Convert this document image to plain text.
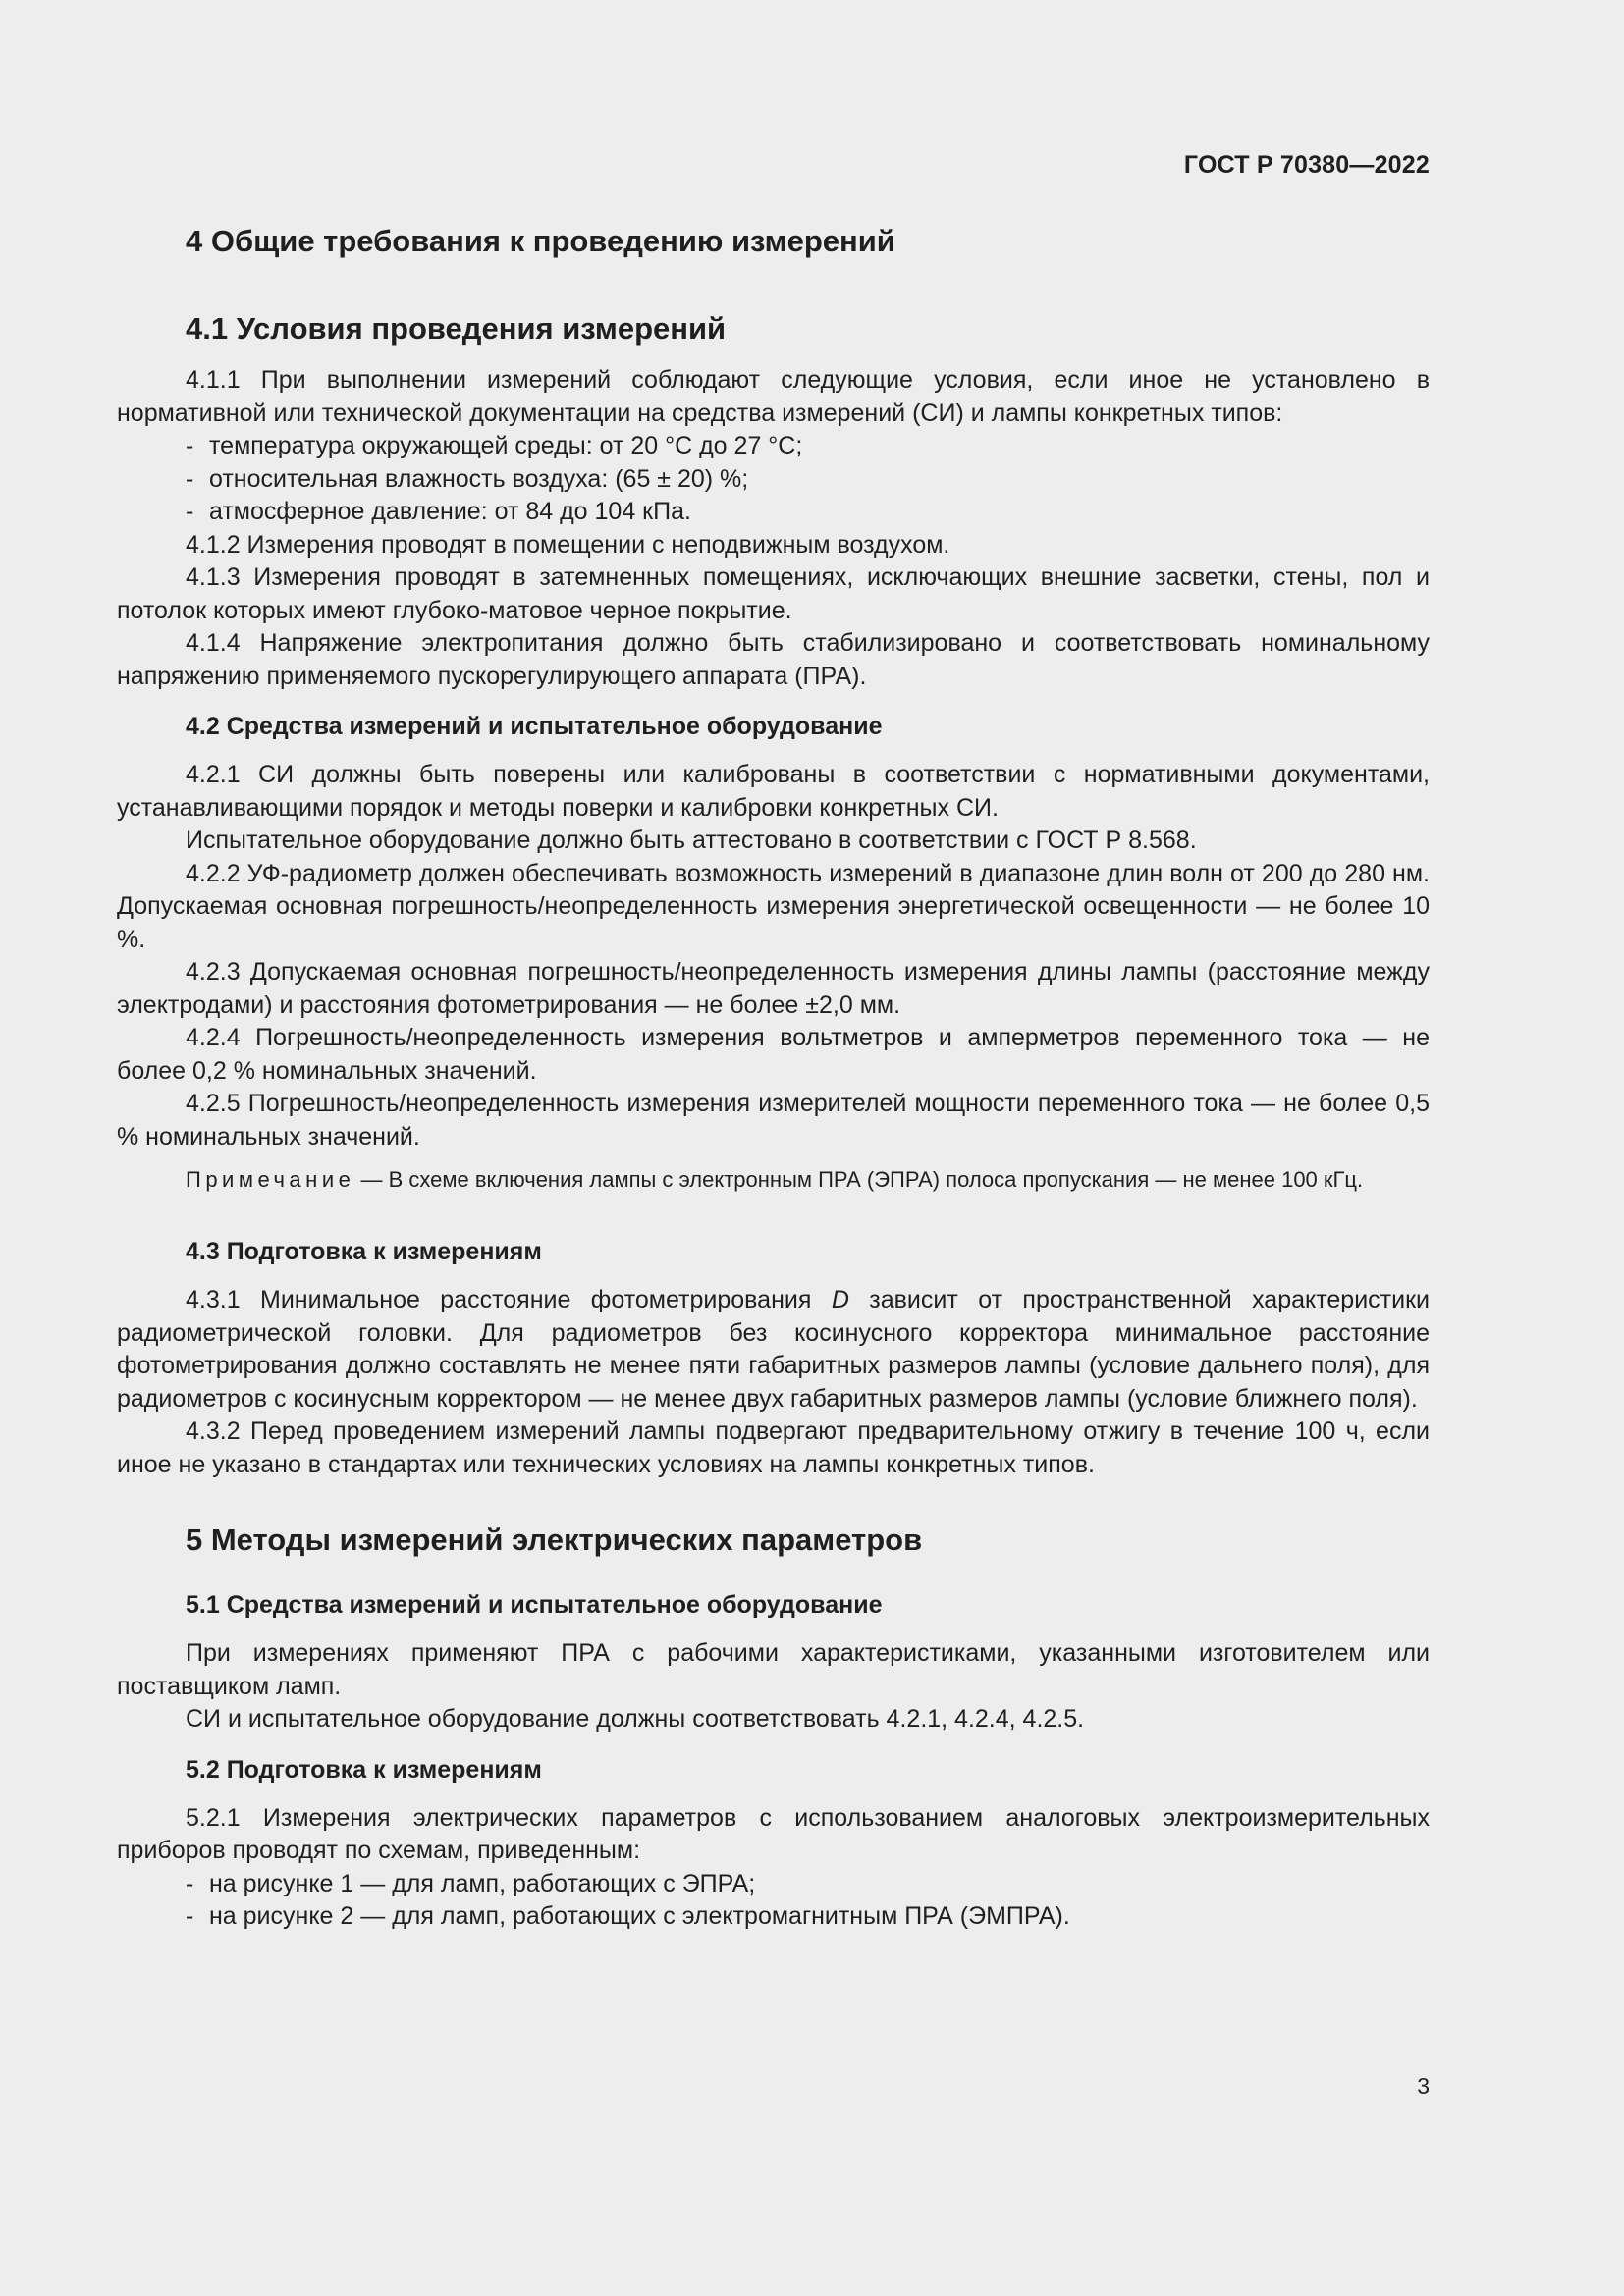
ГОСТ Р 70380—2022
4 Общие требования к проведению измерений
4.1 Условия проведения измерений

4.1.1 При выполнении измерений соблюдают следующие условия, если иное не установлено в нормативной или технической документации на средства измерений (СИ) и лампы конкретных типов:

- температура окружающей среды: от 20 °С до 27 °С;

- относительная влажность воздуха: (65 ± 20) %;

- атмосферное давление: от 84 до 104 кПа.

4.1.2 Измерения проводят в помещении с неподвижным воздухом.

4.1.3 Измерения проводят в затемненных помещениях, исключающих внешние засветки, стены, пол и потолок которых имеют глубоко-матовое черное покрытие.

4.1.4 Напряжение электропитания должно быть стабилизировано и соответствовать номинальному напряжению применяемого пускорегулирующего аппарата (ПРА).

4.2 Средства измерений и испытательное оборудование

4.2.1 СИ должны быть поверены или калиброваны в соответствии с нормативными документами, устанавливающими порядок и методы поверки и калибровки конкретных СИ.

Испытательное оборудование должно быть аттестовано в соответствии с ГОСТ Р 8.568.

4.2.2 УФ-радиометр должен обеспечивать возможность измерений в диапазоне длин волн от 200 до 280 нм. Допускаемая основная погрешность/неопределенность измерения энергетической освещенности — не более 10 %.

4.2.3 Допускаемая основная погрешность/неопределенность измерения длины лампы (расстояние между электродами) и расстояния фотометрирования — не более ±2,0 мм.

4.2.4 Погрешность/неопределенность измерения вольтметров и амперметров переменного тока — не более 0,2 % номинальных значений.

4.2.5 Погрешность/неопределенность измерения измерителей мощности переменного тока — не более 0,5 % номинальных значений.

Примечание — В схеме включения лампы с электронным ПРА (ЭПРА) полоса пропускания — не менее 100 кГц.

4.3 Подготовка к измерениям

4.3.1 Минимальное расстояние фотометрирования D зависит от пространственной характеристики радиометрической головки. Для радиометров без косинусного корректора минимальное расстояние фотометрирования должно составлять не менее пяти габаритных размеров лампы (условие дальнего поля), для радиометров с косинусным корректором — не менее двух габаритных размеров лампы (условие ближнего поля).

4.3.2 Перед проведением измерений лампы подвергают предварительному отжигу в течение 100 ч, если иное не указано в стандартах или технических условиях на лампы конкретных типов.

5 Методы измерений электрических параметров
5.1 Средства измерений и испытательное оборудование

При измерениях применяют ПРА с рабочими характеристиками, указанными изготовителем или поставщиком ламп.

СИ и испытательное оборудование должны соответствовать 4.2.1, 4.2.4, 4.2.5.

5.2 Подготовка к измерениям

5.2.1 Измерения электрических параметров с использованием аналоговых электроизмерительных приборов проводят по схемам, приведенным:

- на рисунке 1 — для ламп, работающих с ЭПРА;

- на рисунке 2 — для ламп, работающих с электромагнитным ПРА (ЭМПРА).

3
